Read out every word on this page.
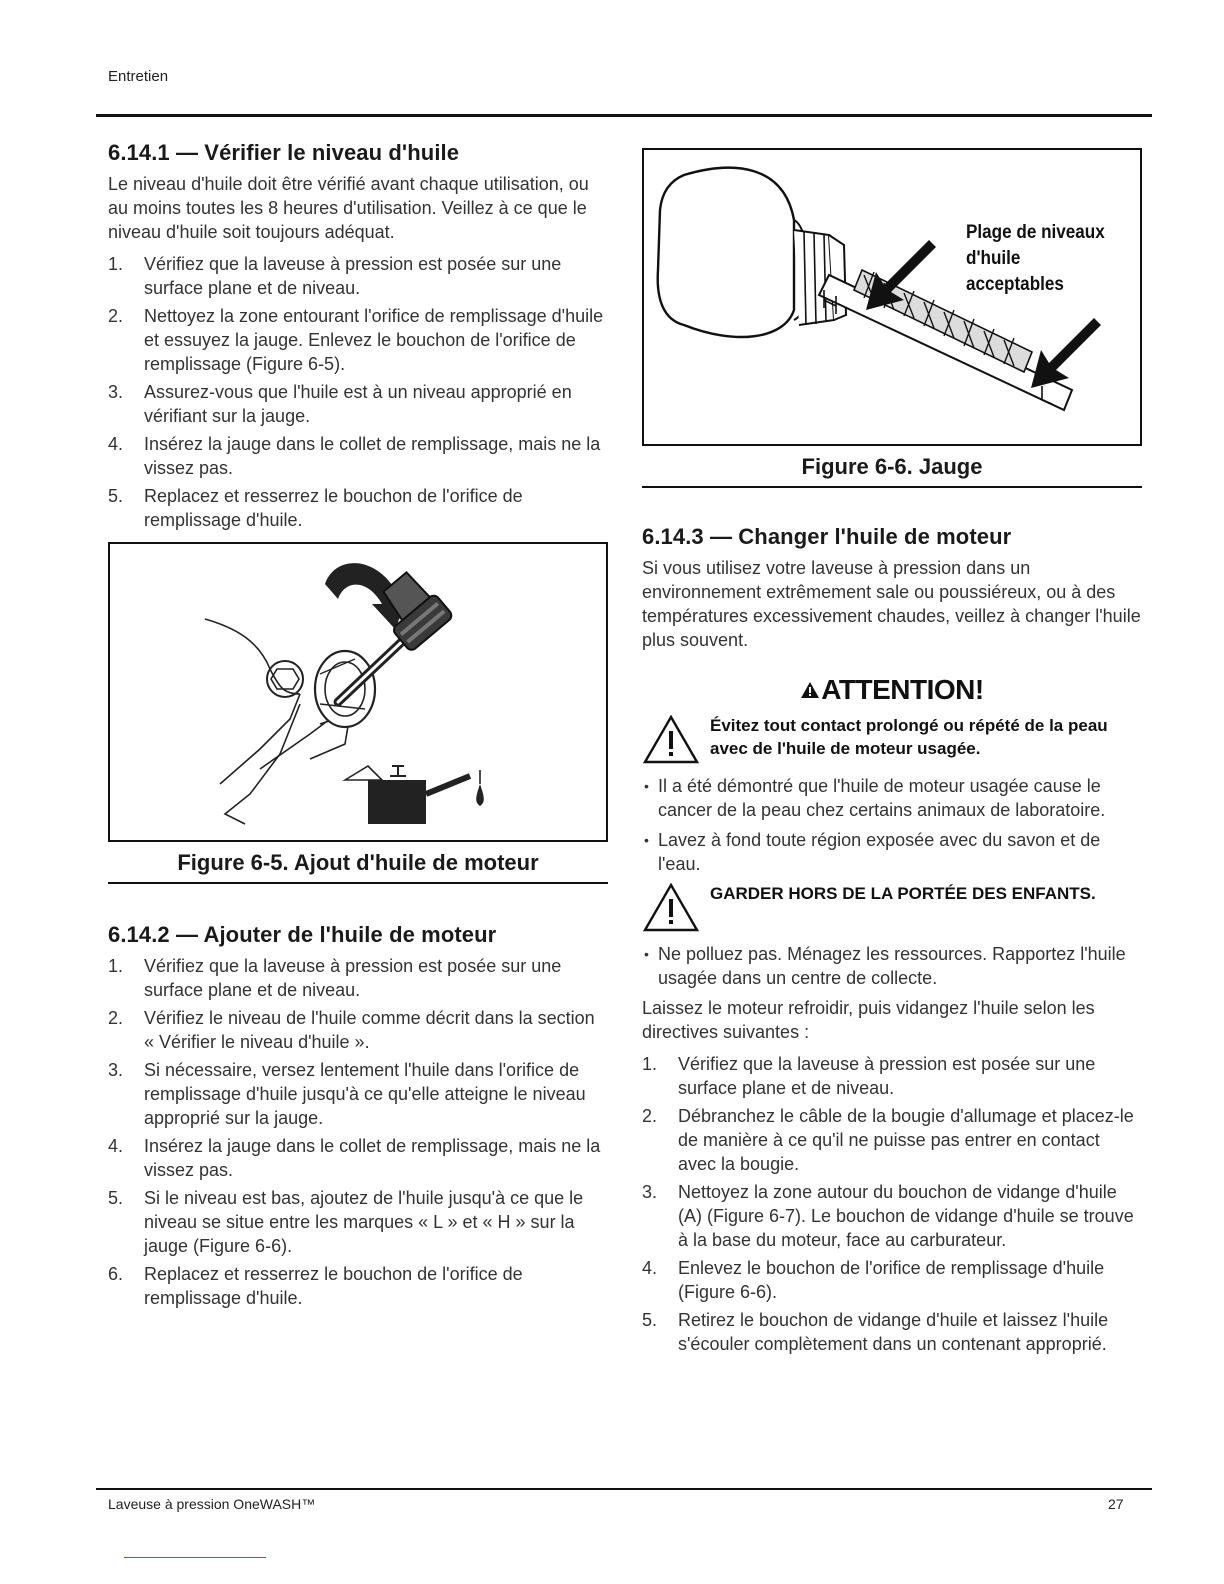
Entretien
6.14.1 — Vérifier le niveau d'huile

Le niveau d'huile doit être vérifié avant chaque utilisation, ou au moins toutes les 8 heures d'utilisation. Veillez à ce que le niveau d'huile soit toujours adéquat.

1. Vérifiez que la laveuse à pression est posée sur une surface plane et de niveau.
2. Nettoyez la zone entourant l'orifice de remplissage d'huile et essuyez la jauge. Enlevez le bouchon de l'orifice de remplissage (Figure 6-5).
3. Assurez-vous que l'huile est à un niveau approprié en vérifiant sur la jauge.
4. Insérez la jauge dans le collet de remplissage, mais ne la vissez pas.
5. Replacez et resserrez le bouchon de l'orifice de remplissage d'huile.
Figure 6-5. Ajout d'huile de moteur
6.14.2 — Ajouter de l'huile de moteur
1. Vérifiez que la laveuse à pression est posée sur une surface plane et de niveau.
2. Vérifiez le niveau de l'huile comme décrit dans la section « Vérifier le niveau d'huile ».
3. Si nécessaire, versez lentement l'huile dans l'orifice de remplissage d'huile jusqu'à ce qu'elle atteigne le niveau approprié sur la jauge.
4. Insérez la jauge dans le collet de remplissage, mais ne la vissez pas.
5. Si le niveau est bas, ajoutez de l'huile jusqu'à ce que le niveau se situe entre les marques « L » et « H » sur la jauge (Figure 6-6).
6. Replacez et resserrez le bouchon de l'orifice de remplissage d'huile.
Plage de niveaux
d'huile acceptables
Figure 6-6. Jauge
6.14.3 — Changer l'huile de moteur

Si vous utilisez votre laveuse à pression dans un environnement extrêmement sale ou poussiéreux, ou à des températures excessivement chaudes, veillez à changer l'huile plus souvent.

ATTENTION!
Évitez tout contact prolongé ou répété de la peau avec de l'huile de moteur usagée.
• Il a été démontré que l'huile de moteur usagée cause le cancer de la peau chez certains animaux de laboratoire.
• Lavez à fond toute région exposée avec du savon et de l'eau.
GARDER HORS DE LA PORTÉE DES ENFANTS.
• Ne polluez pas. Ménagez les ressources. Rapportez l'huile usagée dans un centre de collecte.

Laissez le moteur refroidir, puis vidangez l'huile selon les directives suivantes :

1. Vérifiez que la laveuse à pression est posée sur une surface plane et de niveau.
2. Débranchez le câble de la bougie d'allumage et placez-le de manière à ce qu'il ne puisse pas entrer en contact avec la bougie.
3. Nettoyez la zone autour du bouchon de vidange d'huile (A) (Figure 6-7). Le bouchon de vidange d'huile se trouve à la base du moteur, face au carburateur.
4. Enlevez le bouchon de l'orifice de remplissage d'huile (Figure 6-6).
5. Retirez le bouchon de vidange d'huile et laissez l'huile s'écouler complètement dans un contenant approprié.
Laveuse à pression OneWASH™	27
